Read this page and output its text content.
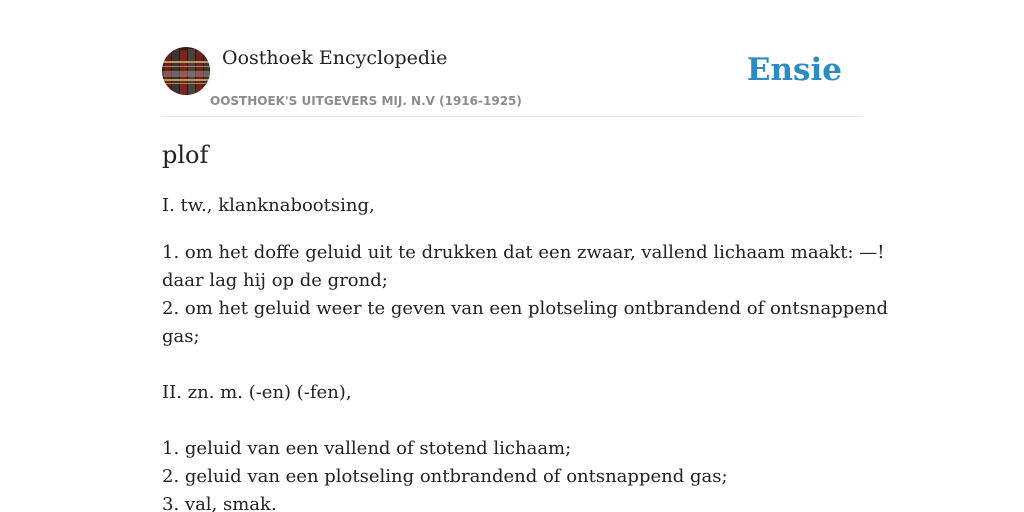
Oosthoek Encyclopedie
OOSTHOEK'S UITGEVERS MIJ. N.V (1916-1925)
Ensie
plof
I. tw., klanknabootsing,
1. om het doffe geluid uit te drukken dat een zwaar, vallend lichaam maakt: —!
daar lag hij op de grond;
2. om het geluid weer te geven van een plotseling ontbrandend of ontsnappend
gas;
II. zn. m. (-en) (-fen),
1. geluid van een vallend of stotend lichaam;
2. geluid van een plotseling ontbrandend of ontsnappend gas;
3. val, smak.
